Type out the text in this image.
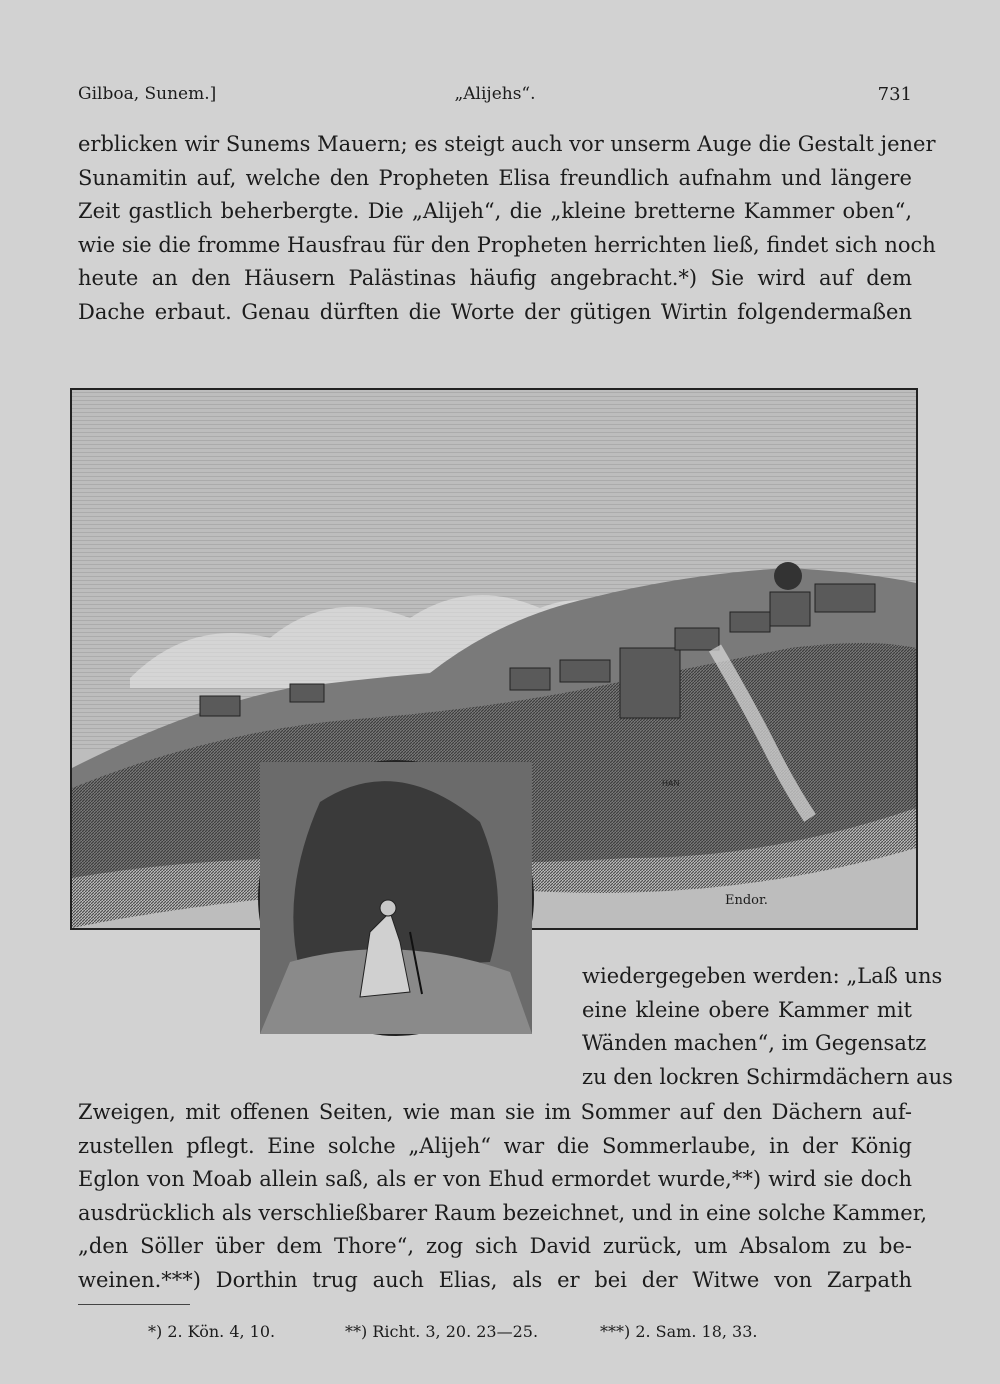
Gilboa, Sunem.]	„Alijehs“.	731
erblicken wir Sunems Mauern; es steigt auch vor unserm Auge die Gestalt jener
Sunamitin auf, welche den Propheten Elisa freundlich aufnahm und längere
Zeit gastlich beherbergte. Die „Alijeh“, die „kleine bretterne Kammer oben“,
wie sie die fromme Hausfrau für den Propheten herrichten ließ, findet sich noch
heute an den Häusern Palästinas häufig angebracht.*) Sie wird auf dem
Dache erbaut. Genau dürften die Worte der gütigen Wirtin folgendermaßen
HAN
Endor.
wiedergegeben werden: „Laß uns
eine kleine obere Kammer mit
Wänden machen“, im Gegensatz
zu den lockren Schirmdächern aus
Zweigen, mit offenen Seiten, wie man sie im Sommer auf den Dächern auf-
zustellen pflegt. Eine solche „Alijeh“ war die Sommerlaube, in der König
Eglon von Moab allein saß, als er von Ehud ermordet wurde,**) wird sie doch
ausdrücklich als verschließbarer Raum bezeichnet, und in eine solche Kammer,
„den Söller über dem Thore“, zog sich David zurück, um Absalom zu be-
weinen.***) Dorthin trug auch Elias, als er bei der Witwe von Zarpath
*) 2. Kön. 4, 10.	**) Richt. 3, 20. 23—25.	***) 2. Sam. 18, 33.
